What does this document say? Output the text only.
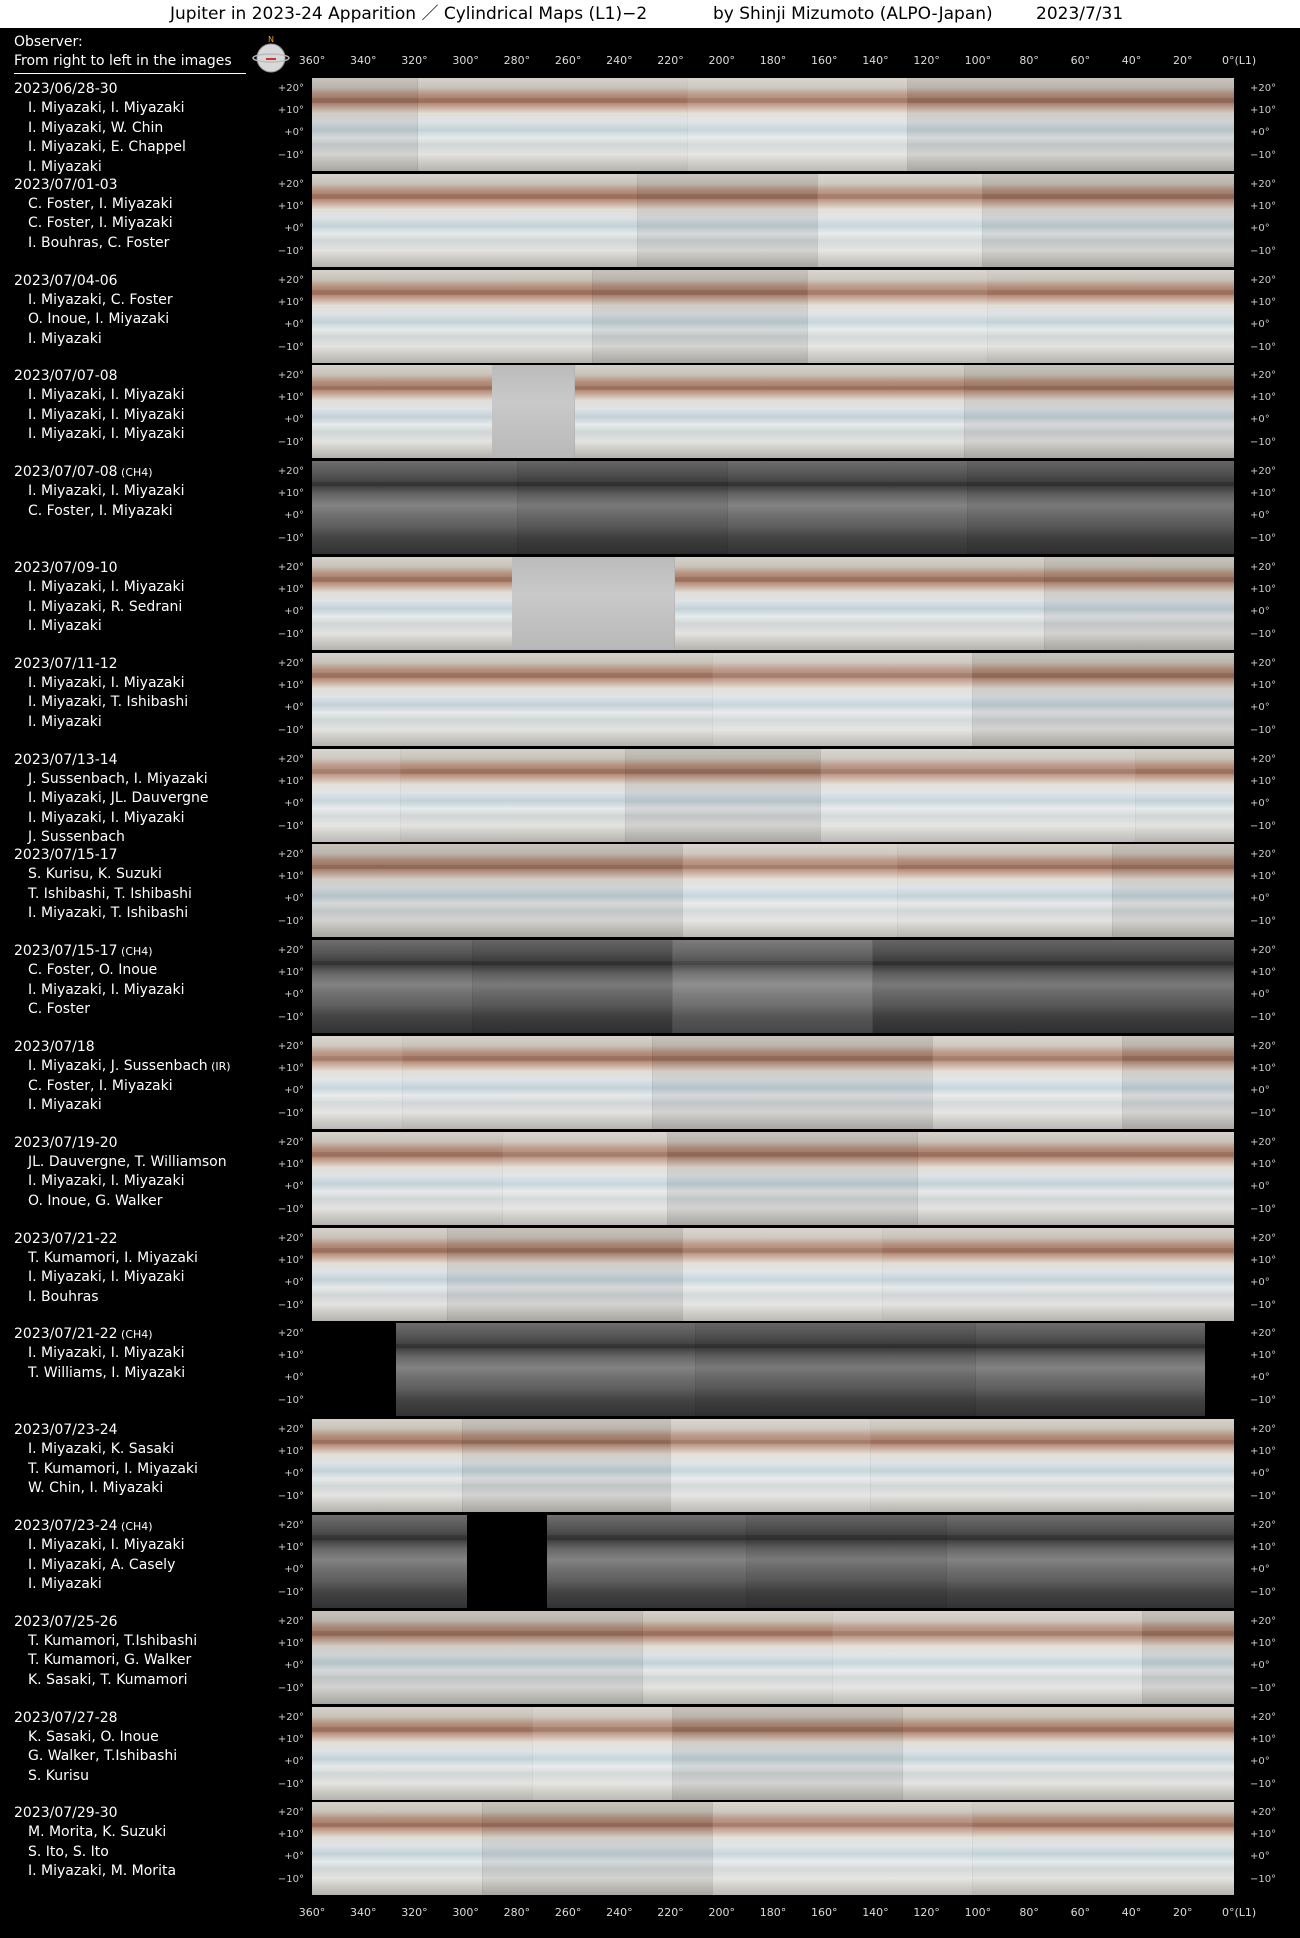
Jupiter in 2023-24 Apparition ／ Cylindrical Maps (L1)−2	by Shinji Mizumoto (ALPO-Japan)	2023/7/31
Observer:
From right to left in the images
N
360° 340° 320° 300° 280° 260° 240° 220° 200° 180° 160° 140° 120° 100°	80°	60°	40°	20°	0°(L1)
360° 340° 320° 300° 280° 260° 240° 220° 200° 180° 160° 140° 120° 100°	80°	60°	40°	20°	0°(L1)
2023/06/28-30
I. Miyazaki, I. Miyazaki
I. Miyazaki, W. Chin
I. Miyazaki, E. Chappel
I. Miyazaki
+20°
+10°
+0°
−10°
+20°
+10°
+0°
−10°
2023/07/01-03
C. Foster, I. Miyazaki
C. Foster, I. Miyazaki
I. Bouhras, C. Foster
+20°
+10°
+0°
−10°
+20°
+10°
+0°
−10°
2023/07/04-06
I. Miyazaki, C. Foster
O. Inoue, I. Miyazaki
I. Miyazaki
+20°
+10°
+0°
−10°
+20°
+10°
+0°
−10°
2023/07/07-08
I. Miyazaki, I. Miyazaki
I. Miyazaki, I. Miyazaki
I. Miyazaki, I. Miyazaki
+20°
+10°
+0°
−10°
+20°
+10°
+0°
−10°
2023/07/07-08 (CH4)
I. Miyazaki, I. Miyazaki
C. Foster, I. Miyazaki
+20°
+10°
+0°
−10°
+20°
+10°
+0°
−10°
2023/07/09-10
I. Miyazaki, I. Miyazaki
I. Miyazaki, R. Sedrani
I. Miyazaki
+20°
+10°
+0°
−10°
+20°
+10°
+0°
−10°
2023/07/11-12
I. Miyazaki, I. Miyazaki
I. Miyazaki, T. Ishibashi
I. Miyazaki
+20°
+10°
+0°
−10°
+20°
+10°
+0°
−10°
2023/07/13-14
J. Sussenbach, I. Miyazaki
I. Miyazaki, JL. Dauvergne
I. Miyazaki, I. Miyazaki
J. Sussenbach
+20°
+10°
+0°
−10°
+20°
+10°
+0°
−10°
2023/07/15-17
S. Kurisu, K. Suzuki
T. Ishibashi, T. Ishibashi
I. Miyazaki, T. Ishibashi
+20°
+10°
+0°
−10°
+20°
+10°
+0°
−10°
2023/07/15-17 (CH4)
C. Foster, O. Inoue
I. Miyazaki, I. Miyazaki
C. Foster
+20°
+10°
+0°
−10°
+20°
+10°
+0°
−10°
2023/07/18
I. Miyazaki, J. Sussenbach (IR)
C. Foster, I. Miyazaki
I. Miyazaki
+20°
+10°
+0°
−10°
+20°
+10°
+0°
−10°
2023/07/19-20
JL. Dauvergne, T. Williamson
I. Miyazaki, I. Miyazaki
O. Inoue, G. Walker
+20°
+10°
+0°
−10°
+20°
+10°
+0°
−10°
2023/07/21-22
T. Kumamori, I. Miyazaki
I. Miyazaki, I. Miyazaki
I. Bouhras
+20°
+10°
+0°
−10°
+20°
+10°
+0°
−10°
2023/07/21-22 (CH4)
I. Miyazaki, I. Miyazaki
T. Williams, I. Miyazaki
+20°
+10°
+0°
−10°
+20°
+10°
+0°
−10°
2023/07/23-24
I. Miyazaki, K. Sasaki
T. Kumamori, I. Miyazaki
W. Chin, I. Miyazaki
+20°
+10°
+0°
−10°
+20°
+10°
+0°
−10°
2023/07/23-24 (CH4)
I. Miyazaki, I. Miyazaki
I. Miyazaki, A. Casely
I. Miyazaki
+20°
+10°
+0°
−10°
+20°
+10°
+0°
−10°
2023/07/25-26
T. Kumamori, T.Ishibashi
T. Kumamori, G. Walker
K. Sasaki, T. Kumamori
+20°
+10°
+0°
−10°
+20°
+10°
+0°
−10°
2023/07/27-28
K. Sasaki, O. Inoue
G. Walker, T.Ishibashi
S. Kurisu
+20°
+10°
+0°
−10°
+20°
+10°
+0°
−10°
2023/07/29-30
M. Morita, K. Suzuki
S. Ito, S. Ito
I. Miyazaki, M. Morita
+20°
+10°
+0°
−10°
+20°
+10°
+0°
−10°
